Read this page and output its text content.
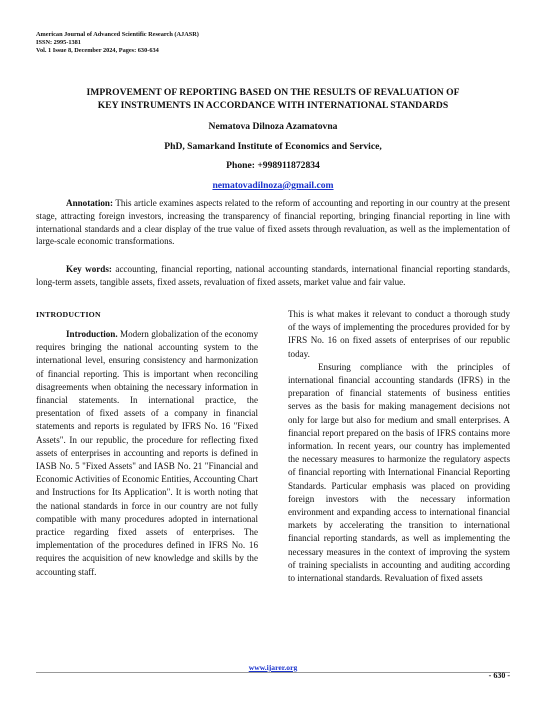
American Journal of Advanced Scientific Research (AJASR)
ISSN: 2995-1381
Vol. 1 Issue 8, December 2024, Pages: 630-634
IMPROVEMENT OF REPORTING BASED ON THE RESULTS OF REVALUATION OF
KEY INSTRUMENTS IN ACCORDANCE WITH INTERNATIONAL STANDARDS
Nematova Dilnoza Azamatovna
PhD, Samarkand Institute of Economics and Service,
Phone: +998911872834
nematovadilnoza@gmail.com
Annotation: This article examines aspects related to the reform of accounting and reporting in our country at the present stage, attracting foreign investors, increasing the transparency of financial reporting, bringing financial reporting in line with international standards and a clear display of the true value of fixed assets through revaluation, as well as the implementation of large-scale economic transformations.
Key words: accounting, financial reporting, national accounting standards, international financial reporting standards, long-term assets, tangible assets, fixed assets, revaluation of fixed assets, market value and fair value.
INTRODUCTION

Introduction. Modern globalization of the economy requires bringing the national accounting system to the international level, ensuring consistency and harmonization of financial reporting. This is important when reconciling disagreements when obtaining the necessary information in financial statements. In international practice, the presentation of fixed assets of a company in financial statements and reports is regulated by IFRS No. 16 "Fixed Assets". In our republic, the procedure for reflecting fixed assets of enterprises in accounting and reports is defined in IASB No. 5 "Fixed Assets" and IASB No. 21 "Financial and Economic Activities of Economic Entities, Accounting Chart and Instructions for Its Application". It is worth noting that the national standards in force in our country are not fully compatible with many procedures adopted in international practice regarding fixed assets of enterprises. The implementation of the procedures defined in IFRS No. 16 requires the acquisition of new knowledge and skills by the accounting staff.

This is what makes it relevant to conduct a thorough study of the ways of implementing the procedures provided for by IFRS No. 16 on fixed assets of enterprises of our republic today.

Ensuring compliance with the principles of international financial accounting standards (IFRS) in the preparation of financial statements of business entities serves as the basis for making management decisions not only for large but also for medium and small enterprises. A financial report prepared on the basis of IFRS contains more information. In recent years, our country has implemented the necessary measures to harmonize the regulatory aspects of financial reporting with International Financial Reporting Standards. Particular emphasis was placed on providing foreign investors with the necessary information environment and expanding access to international financial markets by accelerating the transition to international financial reporting standards, as well as implementing the necessary measures in the context of improving the system of training specialists in accounting and auditing according to international standards. Revaluation of fixed assets

www.ijarer.org
- 630 -
